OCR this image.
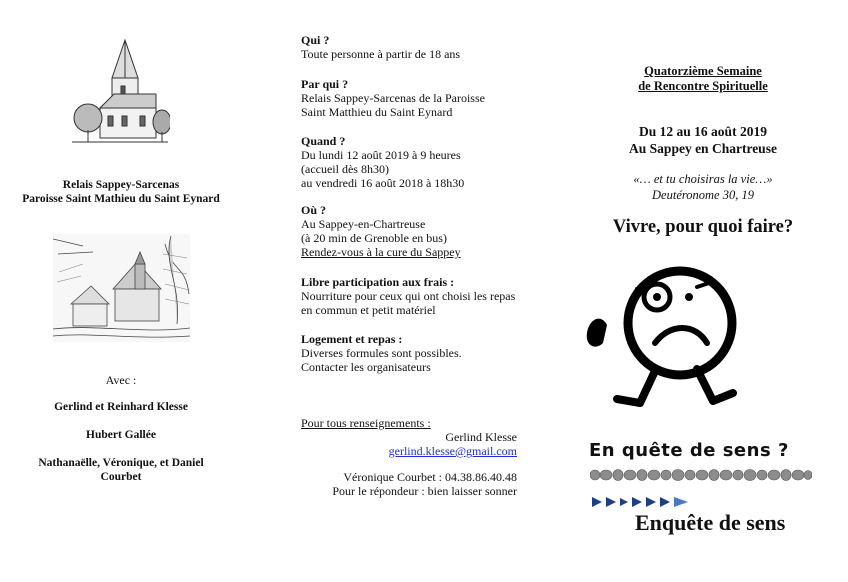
Relais Sappey-Sarcenas
Paroisse Saint Mathieu du Saint Eynard
Avec :
Gerlind et Reinhard Klesse
Hubert Gallée
Nathanaëlle, Véronique, et Daniel
Courbet
Qui ?
Toute personne à partir de 18 ans
Par qui ?
Relais Sappey-Sarcenas de la Paroisse
Saint Matthieu du Saint Eynard
Quand ?
Du lundi 12 août 2019 à 9 heures
(accueil dès 8h30)
au vendredi 16 août 2018 à 18h30
Où ?
Au Sappey-en-Chartreuse
(à 20 min de Grenoble en bus)
Rendez-vous à la cure du Sappey
Libre participation aux frais :
Nourriture pour ceux qui ont choisi les repas
en commun et petit matériel
Logement et repas :
Diverses formules sont possibles.
Contacter les organisateurs
Pour tous renseignements :
Gerlind Klesse
gerlind.klesse@gmail.com
Véronique Courbet : 04.38.86.40.48
Pour le répondeur : bien laisser sonner
Quatorzième Semaine
de Rencontre Spirituelle
Du 12 au 16 août 2019
Au Sappey en Chartreuse
«… et tu choisiras la vie…»
Deutéronome 30, 19
Vivre, pour quoi faire?
En quête de sens ?
Enquête de sens
